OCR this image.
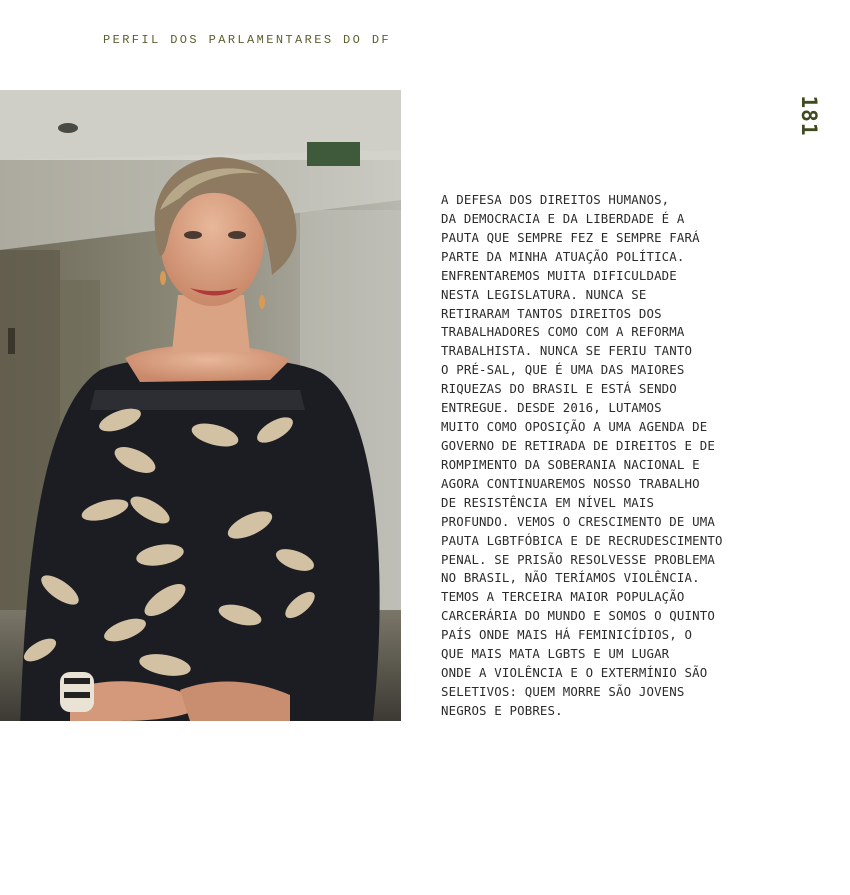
PERFIL DOS PARLAMENTARES DO DF
181
A DEFESA DOS DIREITOS HUMANOS,
DA DEMOCRACIA E DA LIBERDADE É A
PAUTA QUE SEMPRE FEZ E SEMPRE FARÁ
PARTE DA MINHA ATUAÇÃO POLÍTICA.
ENFRENTAREMOS MUITA DIFICULDADE
NESTA LEGISLATURA. NUNCA SE
RETIRARAM TANTOS DIREITOS DOS
TRABALHADORES COMO COM A REFORMA
TRABALHISTA. NUNCA SE FERIU TANTO
O PRÉ-SAL, QUE É UMA DAS MAIORES
RIQUEZAS DO BRASIL E ESTÁ SENDO
ENTREGUE. DESDE 2016, LUTAMOS
MUITO COMO OPOSIÇÃO A UMA AGENDA DE
GOVERNO DE RETIRADA DE DIREITOS E DE
ROMPIMENTO DA SOBERANIA NACIONAL E
AGORA CONTINUAREMOS NOSSO TRABALHO
DE RESISTÊNCIA EM NÍVEL MAIS
PROFUNDO. VEMOS O CRESCIMENTO DE UMA
PAUTA LGBTFÓBICA E DE RECRUDESCIMENTO
PENAL. SE PRISÃO RESOLVESSE PROBLEMA
NO BRASIL, NÃO TERÍAMOS VIOLÊNCIA.
TEMOS A TERCEIRA MAIOR POPULAÇÃO
CARCERÁRIA DO MUNDO E SOMOS O QUINTO
PAÍS ONDE MAIS HÁ FEMINICÍDIOS, O
QUE MAIS MATA LGBTS E UM LUGAR
ONDE A VIOLÊNCIA E O EXTERMÍNIO SÃO
SELETIVOS: QUEM MORRE SÃO JOVENS
NEGROS E POBRES.
